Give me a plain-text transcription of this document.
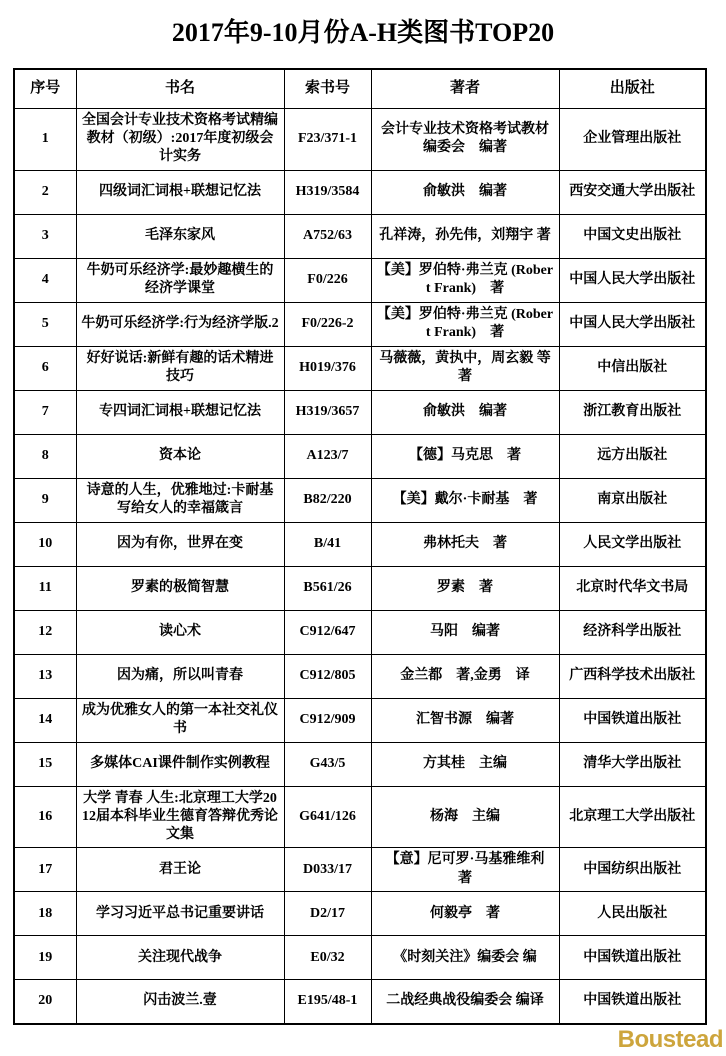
2017年9-10月份A-H类图书TOP20
序号	书名	索书号	著者	出版社
1	全国会计专业技术资格考试精编教材（初级）:2017年度初级会计实务	F23/371-1	会计专业技术资格考试教材编委会　编著	企业管理出版社
2	四级词汇词根+联想记忆法	H319/3584	俞敏洪　编著	西安交通大学出版社
3	毛泽东家风	A752/63	孔祥涛，孙先伟，刘翔宇 著	中国文史出版社
4	牛奶可乐经济学:最妙趣横生的经济学课堂	F0/226	【美】罗伯特·弗兰克 (Robert Frank)　著	中国人民大学出版社
5	牛奶可乐经济学:行为经济学版.2	F0/226-2	【美】罗伯特·弗兰克 (Robert Frank)　著	中国人民大学出版社
6	好好说话:新鲜有趣的话术精进技巧	H019/376	马薇薇，黄执中，周玄毅 等　著	中信出版社
7	专四词汇词根+联想记忆法	H319/3657	俞敏洪　编著	浙江教育出版社
8	资本论	A123/7	【德】马克思　著	远方出版社
9	诗意的人生，优雅地过:卡耐基写给女人的幸福箴言	B82/220	【美】戴尔·卡耐基　著	南京出版社
10	因为有你，世界在变	B/41	弗林托夫　著	人民文学出版社
11	罗素的极简智慧	B561/26	罗素　著	北京时代华文书局
12	读心术	C912/647	马阳　编著	经济科学出版社
13	因为痛，所以叫青春	C912/805	金兰都　著,金勇　译	广西科学技术出版社
14	成为优雅女人的第一本社交礼仪书	C912/909	汇智书源　编著	中国铁道出版社
15	多媒体CAI课件制作实例教程	G43/5	方其桂　主编	清华大学出版社
16	大学 青春 人生:北京理工大学2012届本科毕业生德育答辩优秀论文集	G641/126	杨海　主编	北京理工大学出版社
17	君王论	D033/17	【意】尼可罗·马基雅维利　著	中国纺织出版社
18	学习习近平总书记重要讲话	D2/17	何毅亭　著	人民出版社
19	关注现代战争	E0/32	《时刻关注》编委会 编	中国铁道出版社
20	闪击波兰.壹	E195/48-1	二战经典战役编委会 编译	中国铁道出版社
Boustead
